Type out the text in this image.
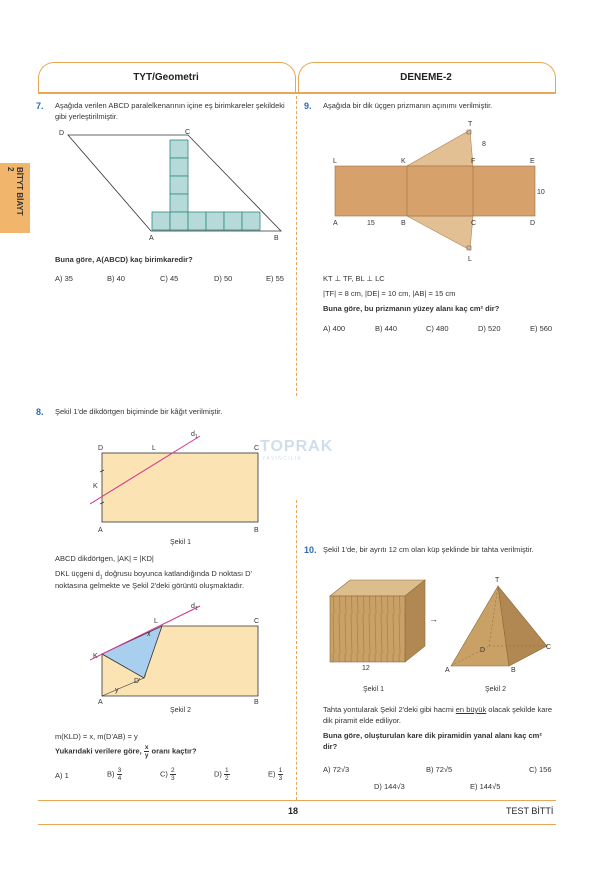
TYT/Geometri	DENEME-2
BİTYT BİAYT
2
7. Aşağıda verilen ABCD paralelkenarının içine eş birimkareler şekildeki gibi yerleştirilmiştir.
D	C
A	B
Buna göre, A(ABCD) kaç birimkaredir?
A) 35	B) 40	C) 45	D) 50	E) 55
9. Aşağıda bir dik üçgen prizmanın açınımı verilmiştir.
T
8
L	K	F	E
10
A	15	B	C	D
L
KT ⊥ TF, BL ⊥ LC
|TF| = 8 cm, |DE| = 10 cm, |AB| = 15 cm
Buna göre, bu prizmanın yüzey alanı kaç cm² dir?
A) 400	B) 440	C) 480	D) 520	E) 560
TOPRAK
Y A Y I N C I L I K
8. Şekil 1'de dikdörtgen biçiminde bir kâğıt verilmiştir.
D	L
$d_1$
C
K
A	B
Şekil 1
ABCD dikdörtgen, |AK| = |KD|
DKL üçgeni $d_1$ doğrusu boyunca katlandığında D noktası D'
noktasına gelmekte ve Şekil 2'deki görüntü oluşmaktadır.
L
$d_1$
C
x
K
D'
y
A	B
Şekil 2
m(KLD) = x, m(D'AB) = y
Yukarıdaki verilere göre, $\frac{x}{y}$ oranı kaçtır?
A) 1	$B) \frac{3}{4}$	$C) \frac{2}{3}$	$D) \frac{1}{2}$	$E) \frac{1}{3}$
10. Şekil 1'de, bir ayrıtı 12 cm olan küp şeklinde bir tahta verilmiştir.
12
→
T
D	C
A	B
Şekil 1	Şekil 2
Tahta yontularak Şekil 2'deki gibi hacmi en büyük olacak şekilde kare dik piramit elde ediliyor.
Buna göre, oluşturulan kare dik piramidin yanal alanı kaç cm² dir?
A) 72√3	B) 72√5	C) 156
D) 144√3	E) 144√5
18	TEST BİTTİ
